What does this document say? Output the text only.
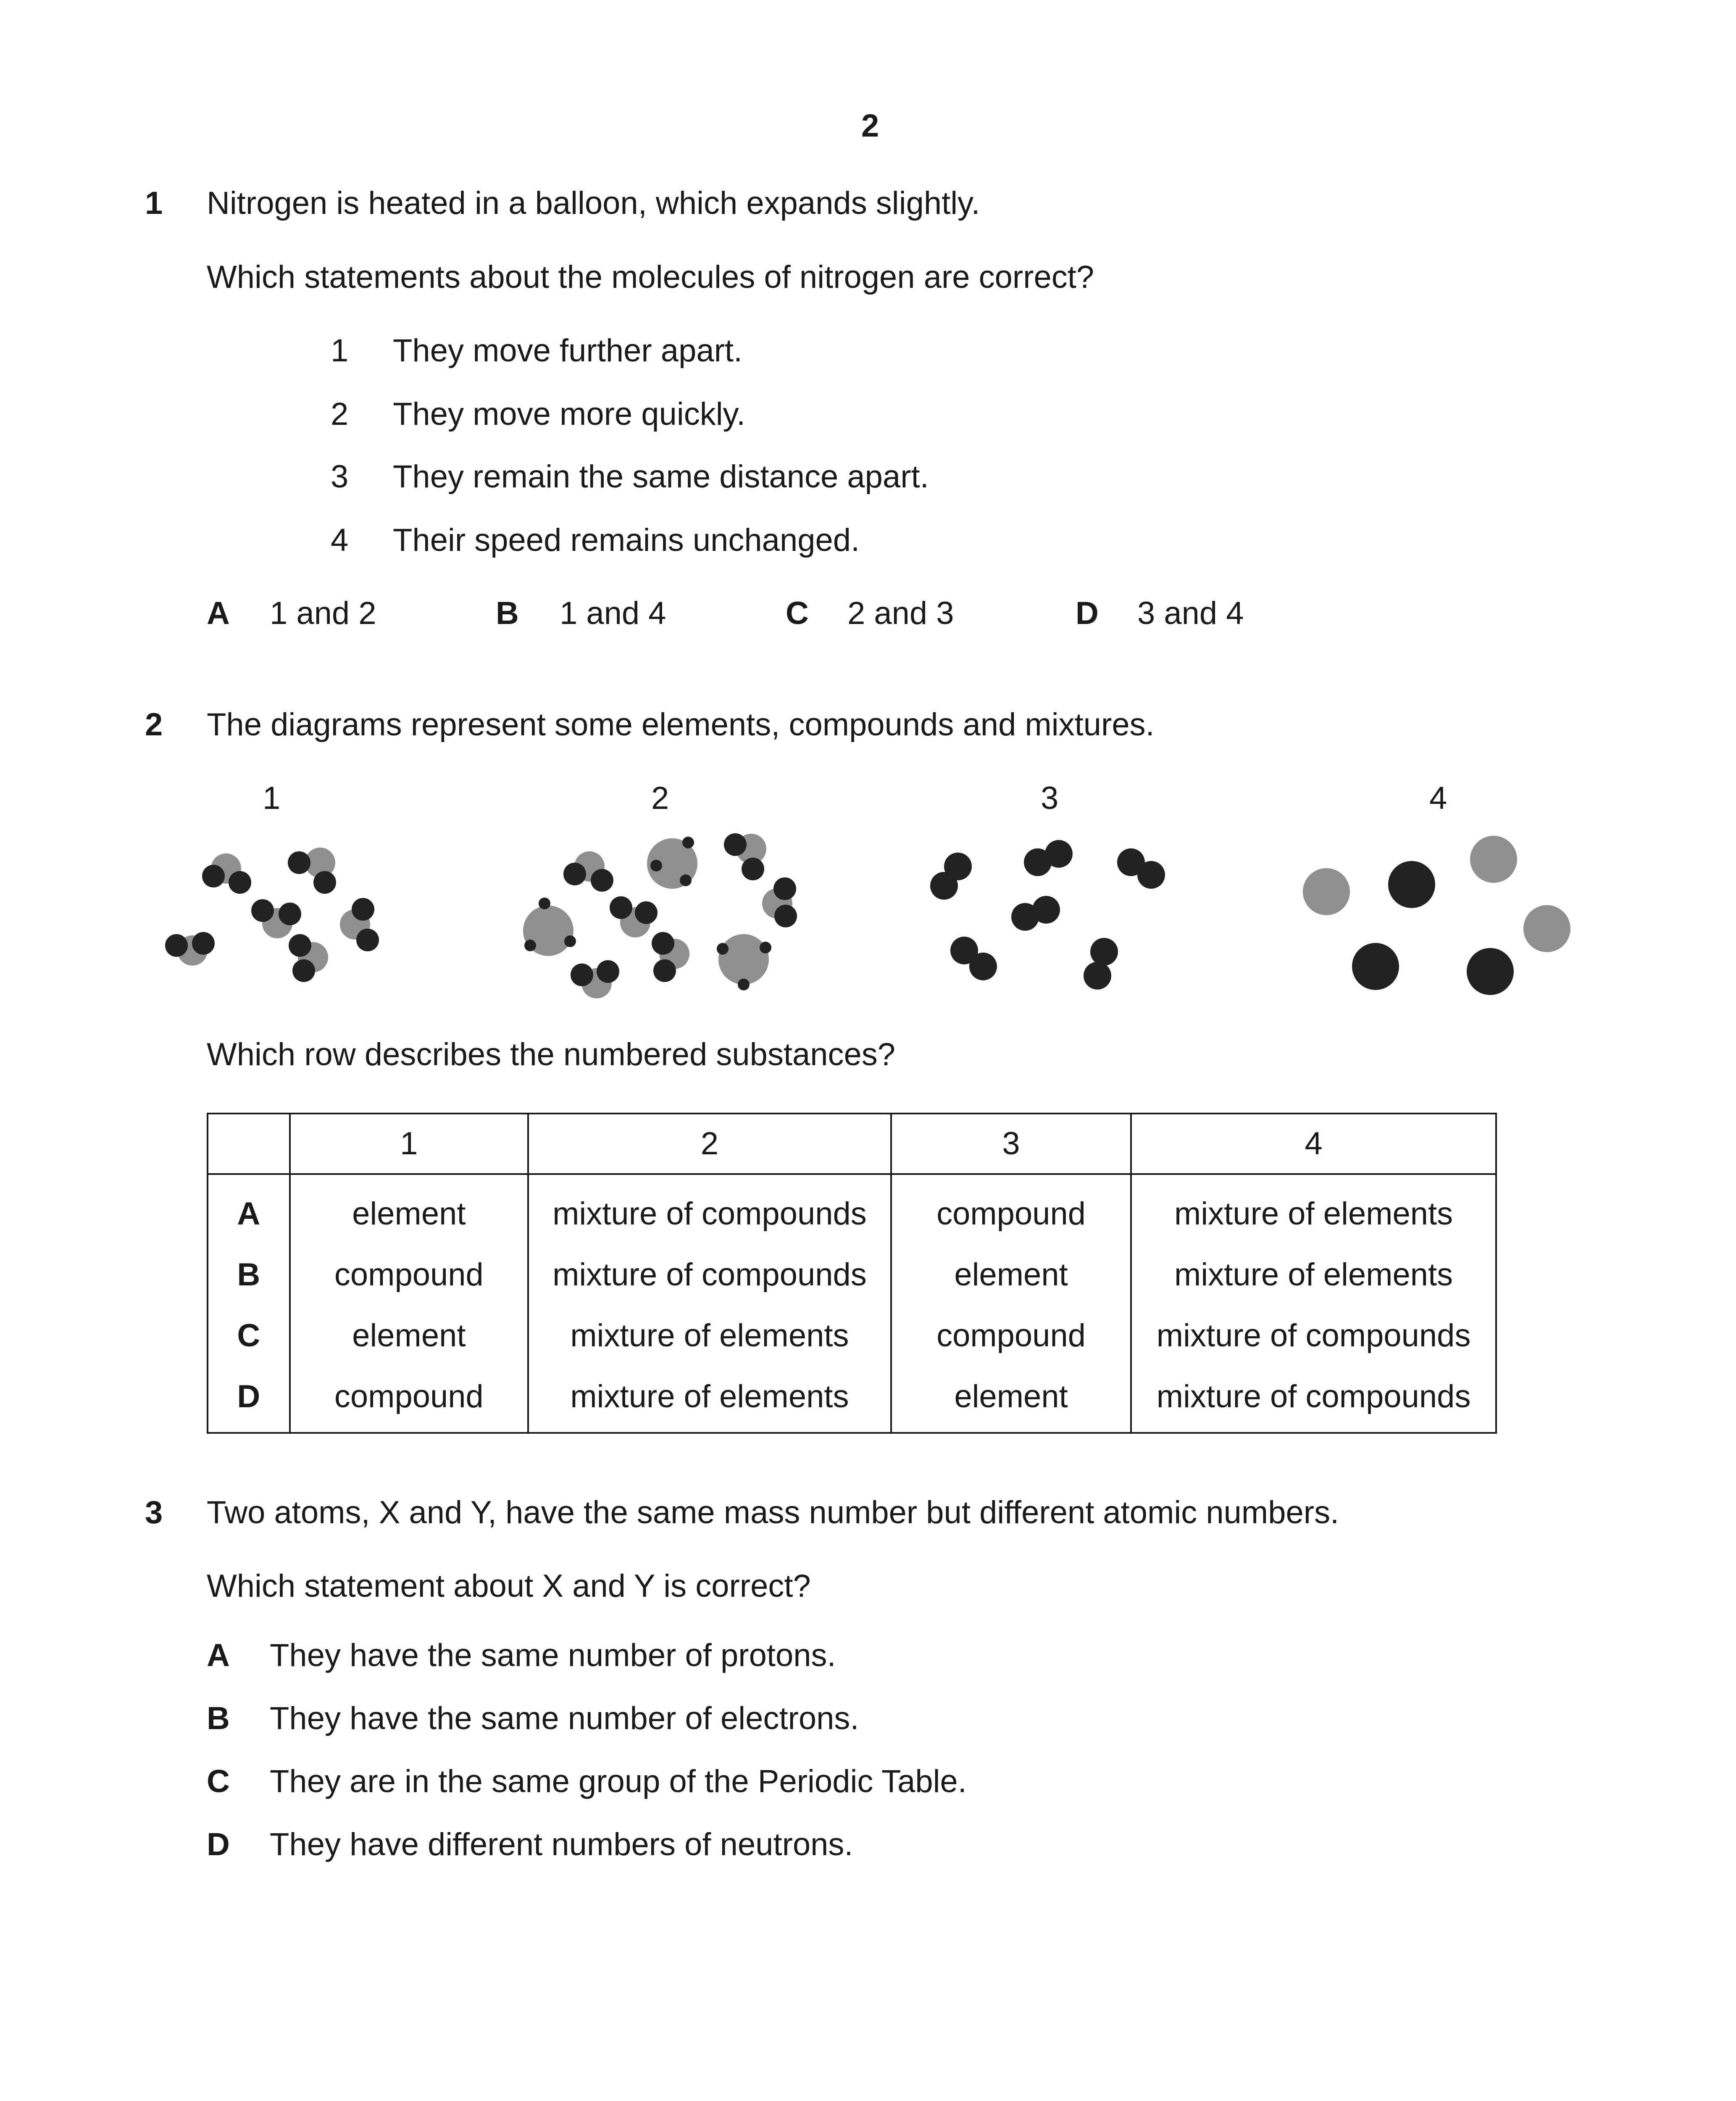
2
1 Nitrogen is heated in a balloon, which expands slightly.
Which statements about the molecules of nitrogen are correct?
1 They move further apart.
2 They move more quickly.
3 They remain the same distance apart.
4 Their speed remains unchanged.
A 1 and 2	B 1 and 4	C 2 and 3	D 3 and 4
2 The diagrams represent some elements, compounds and mixtures.
1	2	3	4
Which row describes the numbered substances?
	1	2	3	4
A	element	mixture of compounds	compound	mixture of elements
B	compound	mixture of compounds	element	mixture of elements
C	element	mixture of elements	compound	mixture of compounds
D	compound	mixture of elements	element	mixture of compounds
3 Two atoms, X and Y, have the same mass number but different atomic numbers.
Which statement about X and Y is correct?
A They have the same number of protons.
B They have the same number of electrons.
C They are in the same group of the Periodic Table.
D They have different numbers of neutrons.
